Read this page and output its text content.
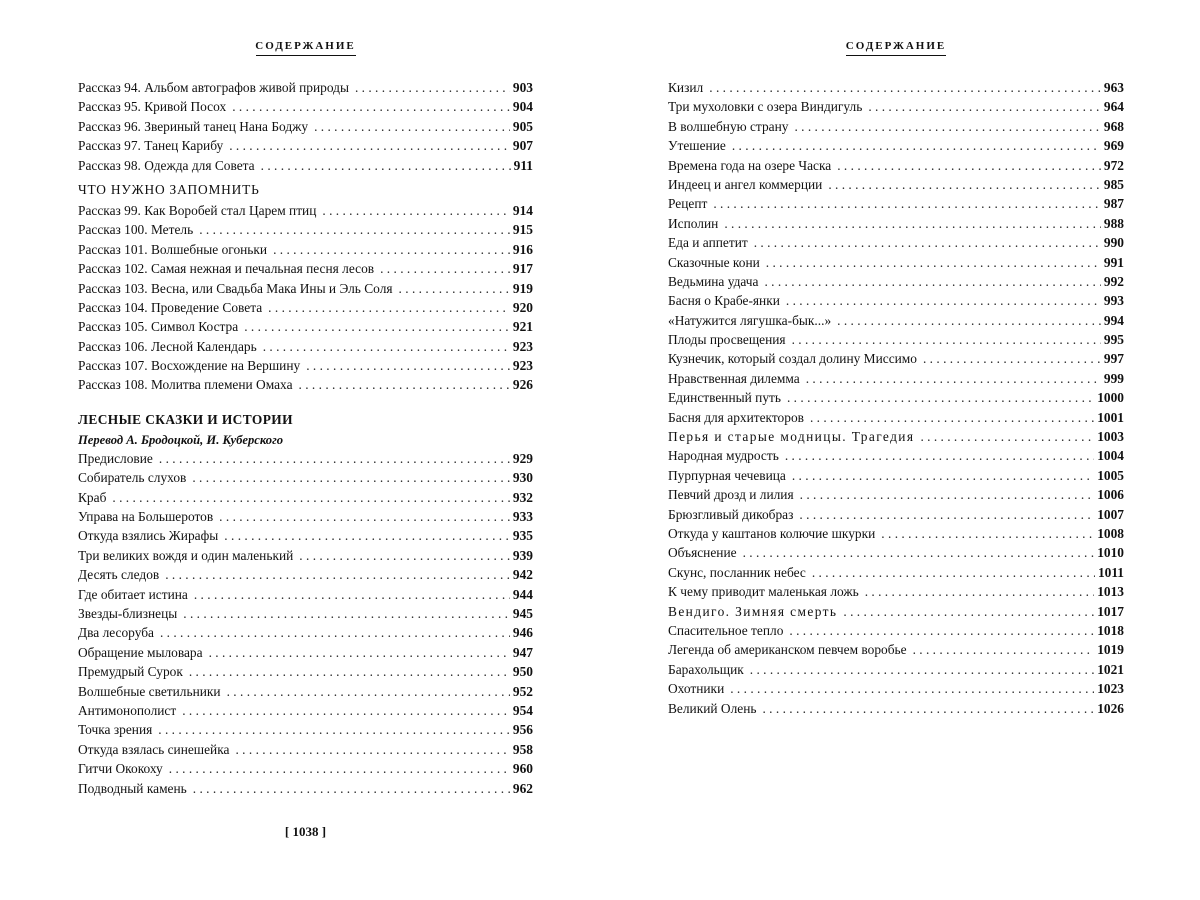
СОДЕРЖАНИЕ
Рассказ 94. Альбом автографов живой природы . . .	903
Рассказ 95. Кривой Посох . . .	904
Рассказ 96. Звериный танец Нана Боджу . . .	905
Рассказ 97. Танец Карибу . . .	907
Рассказ 98. Одежда для Совета . . .	911
ЧТО НУЖНО ЗАПОМНИТЬ
Рассказ 99. Как Воробей стал Царем птиц . . .	914
Рассказ 100. Метель . . .	915
Рассказ 101. Волшебные огоньки . . .	916
Рассказ 102. Самая нежная и печальная песня лесов . . .	917
Рассказ 103. Весна, или Свадьба Мака Ины и Эль Соля . . .	919
Рассказ 104. Проведение Совета . . .	920
Рассказ 105. Символ Костра . . .	921
Рассказ 106. Лесной Календарь . . .	923
Рассказ 107. Восхождение на Вершину . . .	923
Рассказ 108. Молитва племени Омаха . . .	926
ЛЕСНЫЕ СКАЗКИ И ИСТОРИИ
Перевод А. Бродоцкой, И. Куберского
Предисловие . . .	929
Собиратель слухов . . .	930
Краб . . .	932
Управа на Большеротов . . .	933
Откуда взялись Жирафы . . .	935
Три великих вождя и один маленький . . .	939
Десять следов . . .	942
Где обитает истина . . .	944
Звезды-близнецы . . .	945
Два лесоруба . . .	946
Обращение мыловара . . .	947
Премудрый Сурок . . .	950
Волшебные светильники . . .	952
Антимонополист . . .	954
Точка зрения . . .	956
Откуда взялась синешейка . . .	958
Гитчи Ококоху . . .	960
Подводный камень . . .	962
[ 1038 ]
СОДЕРЖАНИЕ
Кизил . . .	963
Три мухоловки с озера Виндигуль . . .	964
В волшебную страну . . .	968
Утешение . . .	969
Времена года на озере Часка . . .	972
Индеец и ангел коммерции . . .	985
Рецепт . . .	987
Исполин . . .	988
Еда и аппетит . . .	990
Сказочные кони . . .	991
Ведьмина удача . . .	992
Басня о Крабе-янки . . .	993
«Натужится лягушка-бык...» . . .	994
Плоды просвещения . . .	995
Кузнечик, который создал долину Миссимо . . .	997
Нравственная дилемма . . .	999
Единственный путь . . .	1000
Басня для архитекторов . . .	1001
Перья и старые модницы. Трагедия . . .	1003
Народная мудрость . . .	1004
Пурпурная чечевица . . .	1005
Певчий дрозд и лилия . . .	1006
Брюзгливый дикобраз . . .	1007
Откуда у каштанов колючие шкурки . . .	1008
Объяснение . . .	1010
Скунс, посланник небес . . .	1011
К чему приводит маленькая ложь . . .	1013
Вендиго. Зимняя смерть . . .	1017
Спасительное тепло . . .	1018
Легенда об американском певчем воробье . . .	1019
Барахольщик . . .	1021
Охотники . . .	1023
Великий Олень . . .	1026
